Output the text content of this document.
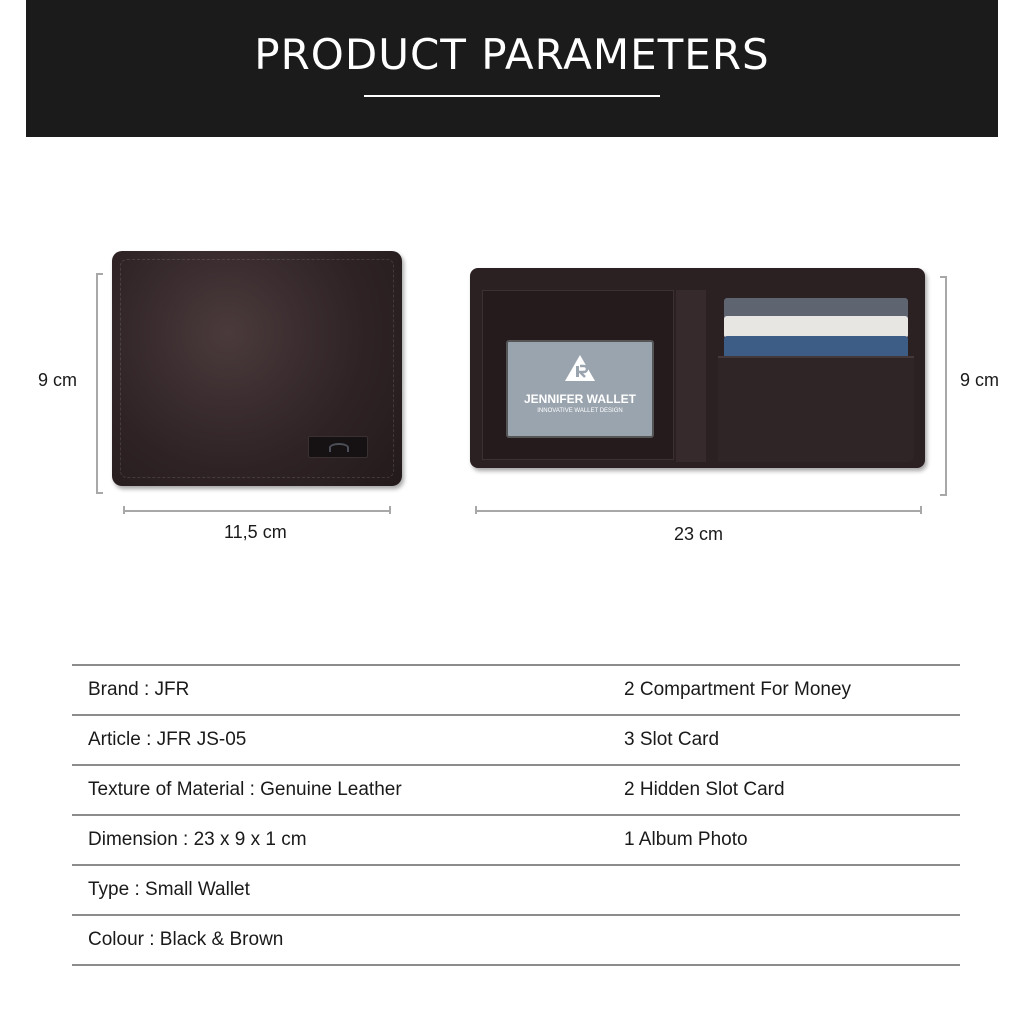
PRODUCT PARAMETERS
9 cm
11,5 cm
JENNIFER WALLET
INNOVATIVE WALLET DESIGN
9 cm
23 cm
Brand : JFR	2 Compartment For Money
Article : JFR JS-05	3 Slot Card
Texture of Material : Genuine Leather	2 Hidden Slot Card
Dimension : 23 x 9 x 1 cm	1 Album Photo
Type : Small Wallet	
Colour : Black & Brown	
